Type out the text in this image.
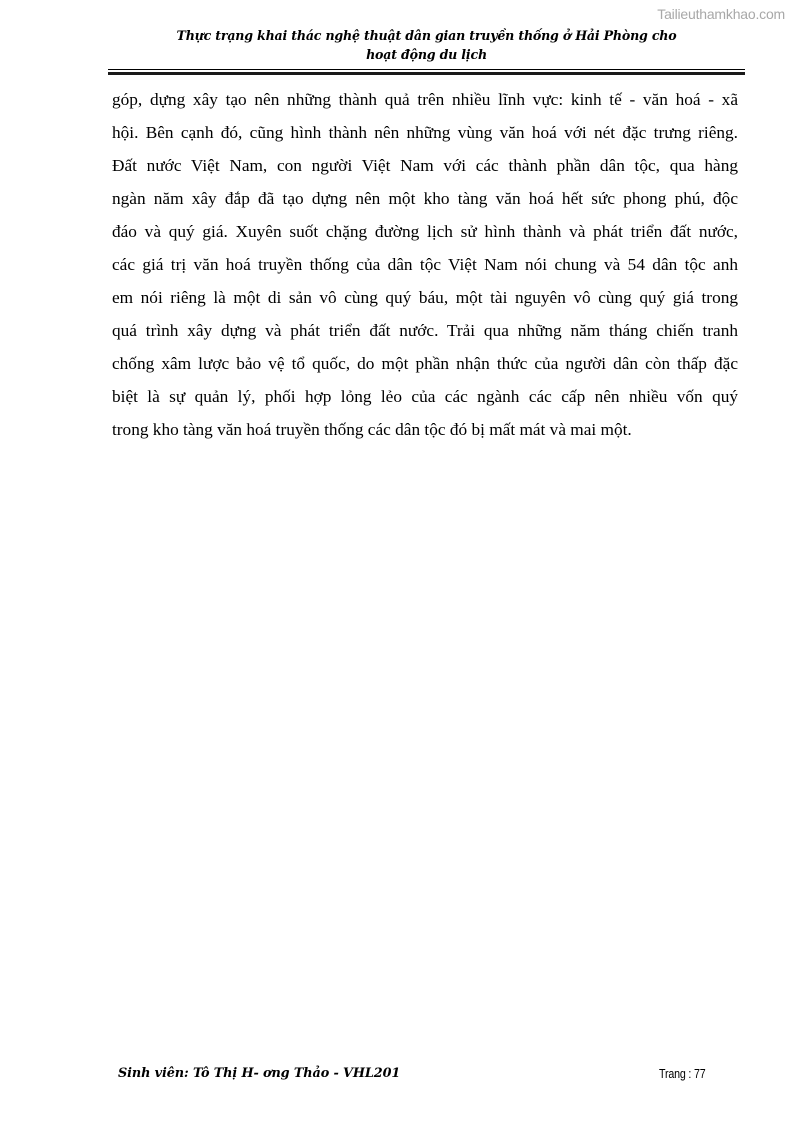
Tailieuthamkhao.com
Thực trạng khai thác nghệ thuật dân gian truyền thống ở Hải Phòng cho
hoạt động du lịch
góp, dựng xây tạo nên những thành quả trên nhiều lĩnh vực: kinh tế - văn hoá - xã
hội. Bên cạnh đó, cũng hình thành nên những vùng văn hoá với nét đặc trưng riêng.
Đất nước Việt Nam, con người Việt Nam với các thành phần dân tộc, qua hàng
ngàn năm xây đắp đã tạo dựng nên một kho tàng văn hoá hết sức phong phú, độc
đáo và quý giá. Xuyên suốt chặng đường lịch sử hình thành và phát triển đất nước,
các giá trị văn hoá truyền thống của dân tộc Việt Nam nói chung và 54 dân tộc anh
em nói riêng là một di sản vô cùng quý báu, một tài nguyên vô cùng quý giá trong
quá trình xây dựng và phát triển đất nước. Trải qua những năm tháng chiến tranh
chống xâm lược bảo vệ tổ quốc, do một phần nhận thức của người dân còn thấp đặc
biệt là sự quản lý, phối hợp lỏng lẻo của các ngành các cấp nên nhiều vốn quý
trong kho tàng văn hoá truyền thống các dân tộc đó bị mất mát và mai một.
Sinh viên: Tô Thị H- ơng Thảo - VHL201	Trang : 77
